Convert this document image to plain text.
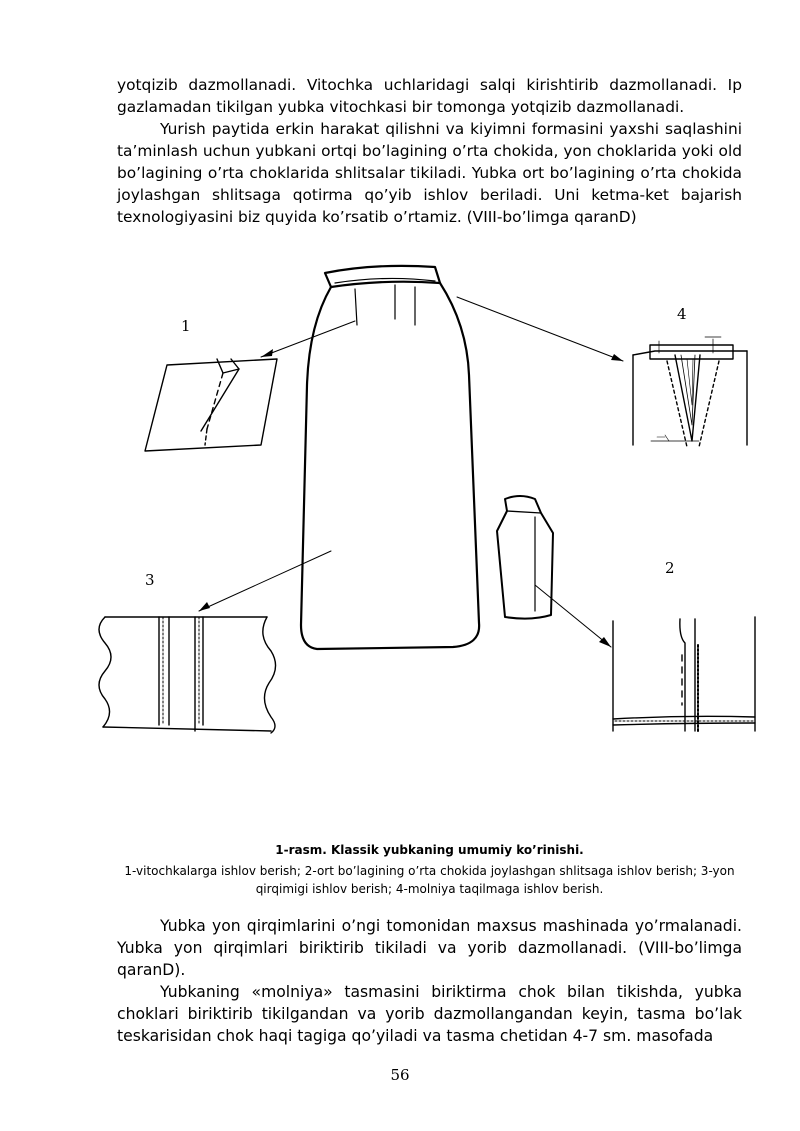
yotqizib dazmollanadi. Vitochka uchlaridagi salqi kirishtirib dazmollanadi. Ip gazlamadan tikilgan yubka vitochkasi bir tomonga yotqizib dazmollanadi.

Yurish paytida erkin harakat qilishni va kiyimni formasini yaxshi saqlashini ta’minlash uchun yubkani ortqi bo’lagining o’rta chokida, yon choklarida yoki old bo’lagining o’rta choklarida shlitsalar tikiladi. Yubka ort bo’lagining o’rta chokida joylashgan shlitsaga qotirma qo’yib ishlov beriladi. Uni ketma-ket bajarish texnologiyasini biz quyida ko’rsatib o’rtamiz. (VIII-bo’limga qaranD)

1
2
3
4

1-rasm. Klassik yubkaning umumiy ko’rinishi.

1-vitochkalarga ishlov berish; 2-ort bo’lagining o’rta chokida joylashgan shlitsaga ishlov berish; 3-yon qirqimigi ishlov berish; 4-molniya taqilmaga ishlov berish.

Yubka yon qirqimlarini o’ngi tomonidan maxsus mashinada yo’rmalanadi. Yubka yon qirqimlari biriktirib tikiladi va yorib dazmollanadi. (VIII-bo’limga qaranD).

Yubkaning «molniya» tasmasini biriktirma chok bilan tikishda, yubka choklari biriktirib tikilgandan va yorib dazmollangandan keyin, tasma bo’lak teskarisidan chok haqi tagiga qo’yiladi va tasma chetidan 4-7 sm. masofada

56
